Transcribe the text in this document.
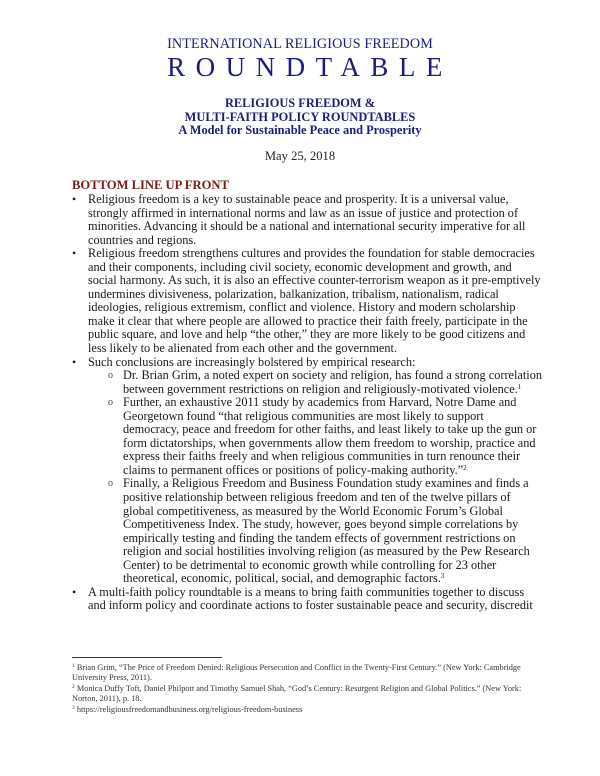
INTERNATIONAL RELIGIOUS FREEDOM
ROUNDTABLE
RELIGIOUS FREEDOM &
MULTI-FAITH POLICY ROUNDTABLES
A Model for Sustainable Peace and Prosperity
May 25, 2018
BOTTOM LINE UP FRONT
• Religious freedom is a key to sustainable peace and prosperity. It is a universal value, strongly affirmed in international norms and law as an issue of justice and protection of minorities. Advancing it should be a national and international security imperative for all countries and regions.
• Religious freedom strengthens cultures and provides the foundation for stable democracies and their components, including civil society, economic development and growth, and social harmony. As such, it is also an effective counter-terrorism weapon as it pre-emptively undermines divisiveness, polarization, balkanization, tribalism, nationalism, radical ideologies, religious extremism, conflict and violence. History and modern scholarship make it clear that where people are allowed to practice their faith freely, participate in the public square, and love and help “the other,” they are more likely to be good citizens and less likely to be alienated from each other and the government.
• Such conclusions are increasingly bolstered by empirical research:
o Dr. Brian Grim, a noted expert on society and religion, has found a strong correlation between government restrictions on religion and religiously-motivated violence.$^1$
o Further, an exhaustive 2011 study by academics from Harvard, Notre Dame and Georgetown found “that religious communities are most likely to support democracy, peace and freedom for other faiths, and least likely to take up the gun or form dictatorships, when governments allow them freedom to worship, practice and express their faiths freely and when religious communities in turn renounce their claims to permanent offices or positions of policy-making authority.”$^2$
o Finally, a Religious Freedom and Business Foundation study examines and finds a positive relationship between religious freedom and ten of the twelve pillars of global competitiveness, as measured by the World Economic Forum’s Global Competitiveness Index. The study, however, goes beyond simple correlations by empirically testing and finding the tandem effects of government restrictions on religion and social hostilities involving religion (as measured by the Pew Research Center) to be detrimental to economic growth while controlling for 23 other theoretical, economic, political, social, and demographic factors.$^3$
• A multi-faith policy roundtable is a means to bring faith communities together to discuss and inform policy and coordinate actions to foster sustainable peace and security, discredit
$^1$ Brian Grim, “The Price of Freedom Denied: Religious Persecution and Conflict in the Twenty-First Century.” (New York: Cambridge University Press, 2011).
$^2$ Monica Duffy Toft, Daniel Philpott and Timothy Samuel Shah, “God’s Century: Resurgent Religion and Global Politics.” (New York: Norton, 2011), p. 18.
$^3$ https://religiousfreedomandbusiness.org/religious-freedom-business
